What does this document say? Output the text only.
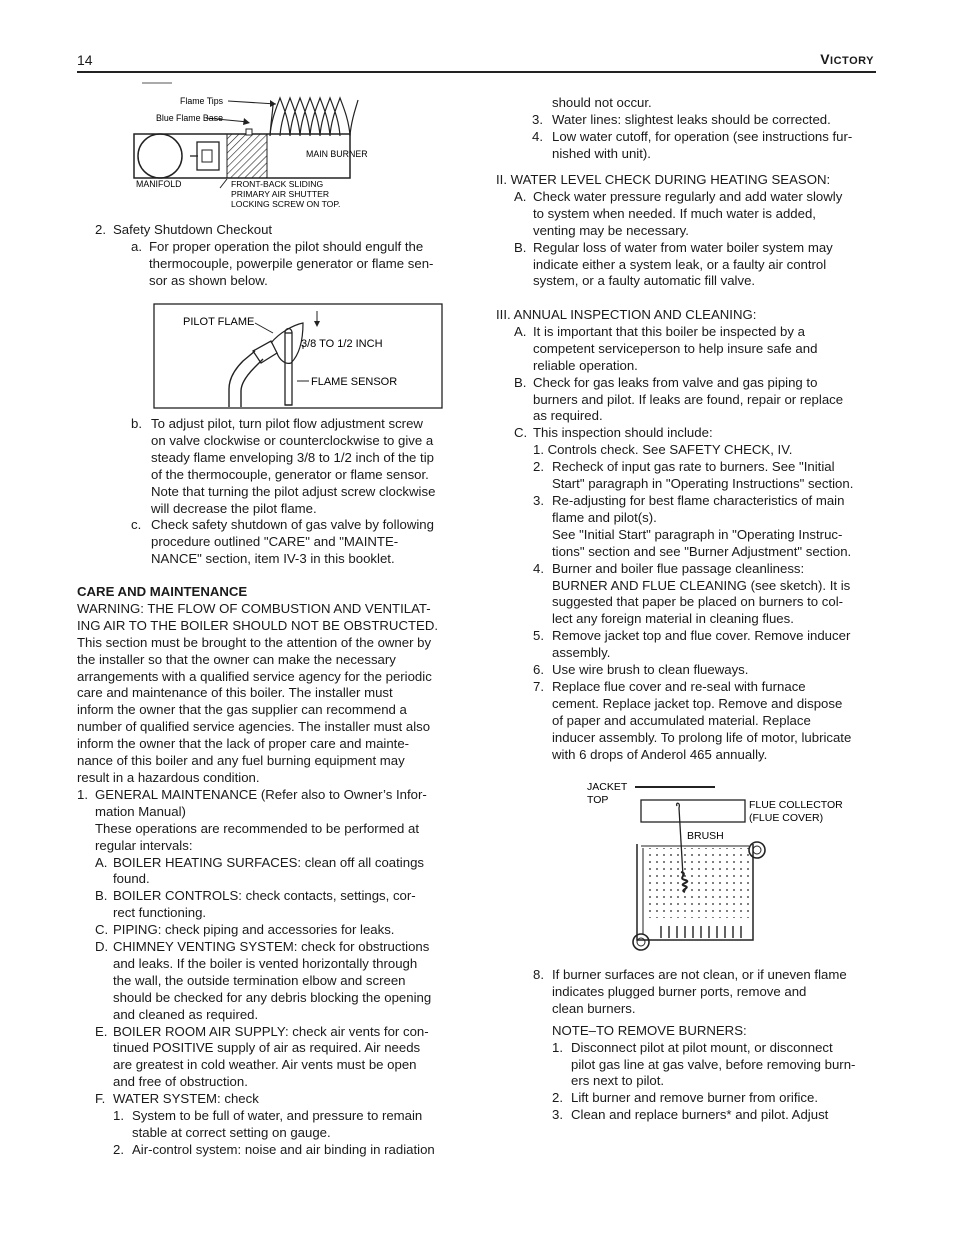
14	VICTORY
Flame Tips
Blue Flame Base
MAIN BURNER
MANIFOLD	FRONT-BACK SLIDING
PRIMARY AIR SHUTTER
LOCKING SCREW ON TOP.
PILOT FLAME
3/8 TO 1/2 INCH
FLAME SENSOR
JACKET
TOP	FLUE COLLECTOR
(FLUE COVER)
BRUSH
2. Safety Shutdown Checkout
a. For proper operation the pilot should engulf the
thermocouple, powerpile generator or flame sen-
sor as shown below.
b. To adjust pilot, turn pilot flow adjustment screw
on valve clockwise or counterclockwise to give a
steady flame enveloping 3/8 to 1/2 inch of the tip
of the thermocouple, generator or flame sensor.
Note that turning the pilot adjust screw clockwise
will decrease the pilot flame.
c. Check safety shutdown of gas valve by following
procedure outlined "CARE" and "MAINTE-
NANCE" section, item IV-3 in this booklet.
CARE AND MAINTENANCE
WARNING: THE FLOW OF COMBUSTION AND VENTILAT-
ING AIR TO THE BOILER SHOULD NOT BE OBSTRUCTED.
This section must be brought to the attention of the owner by
the installer so that the owner can make the necessary
arrangements with a qualified service agency for the periodic
care and maintenance of this boiler. The installer must
inform the owner that the gas supplier can recommend a
number of qualified service agencies. The installer must also
inform the owner that the lack of proper care and mainte-
nance of this boiler and any fuel burning equipment may
result in a hazardous condition.
1. GENERAL MAINTENANCE (Refer also to Owner’s Infor-
mation Manual)
These operations are recommended to be performed at
regular intervals:
A. BOILER HEATING SURFACES: clean off all coatings
found.
B. BOILER CONTROLS: check contacts, settings, cor-
rect functioning.
C. PIPING: check piping and accessories for leaks.
D. CHIMNEY VENTING SYSTEM: check for obstructions
and leaks. If the boiler is vented horizontally through
the wall, the outside termination elbow and screen
should be checked for any debris blocking the opening
and cleaned as required.
E. BOILER ROOM AIR SUPPLY: check air vents for con-
tinued POSITIVE supply of air as required. Air needs
are greatest in cold weather. Air vents must be open
and free of obstruction.
F. WATER SYSTEM: check
1. System to be full of water, and pressure to remain
stable at correct setting on gauge.
2. Air-control system: noise and air binding in radiation
should not occur.
3. Water lines: slightest leaks should be corrected.
4. Low water cutoff, for operation (see instructions fur-
nished with unit).
II. WATER LEVEL CHECK DURING HEATING SEASON:
A. Check water pressure regularly and add water slowly
to system when needed. If much water is added,
venting may be necessary.
B. Regular loss of water from water boiler system may
indicate either a system leak, or a faulty air control
system, or a faulty automatic fill valve.
III. ANNUAL INSPECTION AND CLEANING:
A. It is important that this boiler be inspected by a
competent serviceperson to help insure safe and
reliable operation.
B. Check for gas leaks from valve and gas piping to
burners and pilot. If leaks are found, repair or replace
as required.
C. This inspection should include:
1. Controls check. See SAFETY CHECK, IV.
2. Recheck of input gas rate to burners. See "Initial
Start" paragraph in "Operating Instructions" section.
3. Re-adjusting for best flame characteristics of main
flame and pilot(s).
See "Initial Start" paragraph in "Operating Instruc-
tions" section and see "Burner Adjustment" section.
4. Burner and boiler flue passage cleanliness:
BURNER AND FLUE CLEANING (see sketch). It is
suggested that paper be placed on burners to col-
lect any foreign material in cleaning flues.
5. Remove jacket top and flue cover. Remove inducer
assembly.
6. Use wire brush to clean flueways.
7. Replace flue cover and re-seal with furnace
cement. Replace jacket top. Remove and dispose
of paper and accumulated material. Replace
inducer assembly. To prolong life of motor, lubricate
with 6 drops of Anderol 465 annually.
8. If burner surfaces are not clean, or if uneven flame
indicates plugged burner ports, remove and
clean burners.
NOTE–TO REMOVE BURNERS:
1. Disconnect pilot at pilot mount, or disconnect
pilot gas line at gas valve, before removing burn-
ers next to pilot.
2. Lift burner and remove burner from orifice.
3. Clean and replace burners* and pilot. Adjust
